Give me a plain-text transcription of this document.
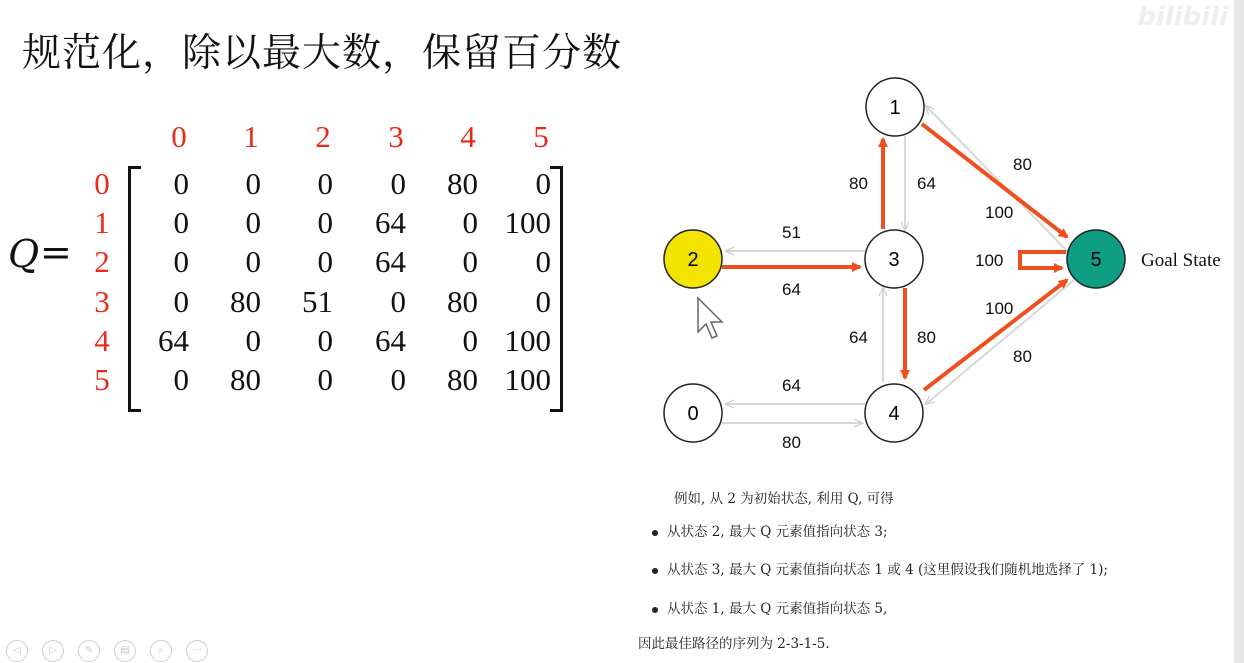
规范化，除以最大数，保留百分数
bilibili
Q =
0	1	2	3	4	5
0
1
2
3
4
5
0	0	0	0	80	0
0	0	0	64	0 100
0	0	0	64	0	0
0	80	51	0	80	0
64	0	0	64	0 100
0	80	0	0	80 100
80	64
80
100
51
64
100
100
80
64	80
64
80
1
2	3	5
0	4
Goal State
例如, 从 2 为初始状态, 利用 Q, 可得
从状态 2, 最大 Q 元素值指向状态 3;
从状态 3, 最大 Q 元素值指向状态 1 或 4 (这里假设我们随机地选择了 1);
从状态 1, 最大 Q 元素值指向状态 5,
因此最佳路径的序列为 2-3-1-5.
◁	▷	✎	▤	⌕	···
